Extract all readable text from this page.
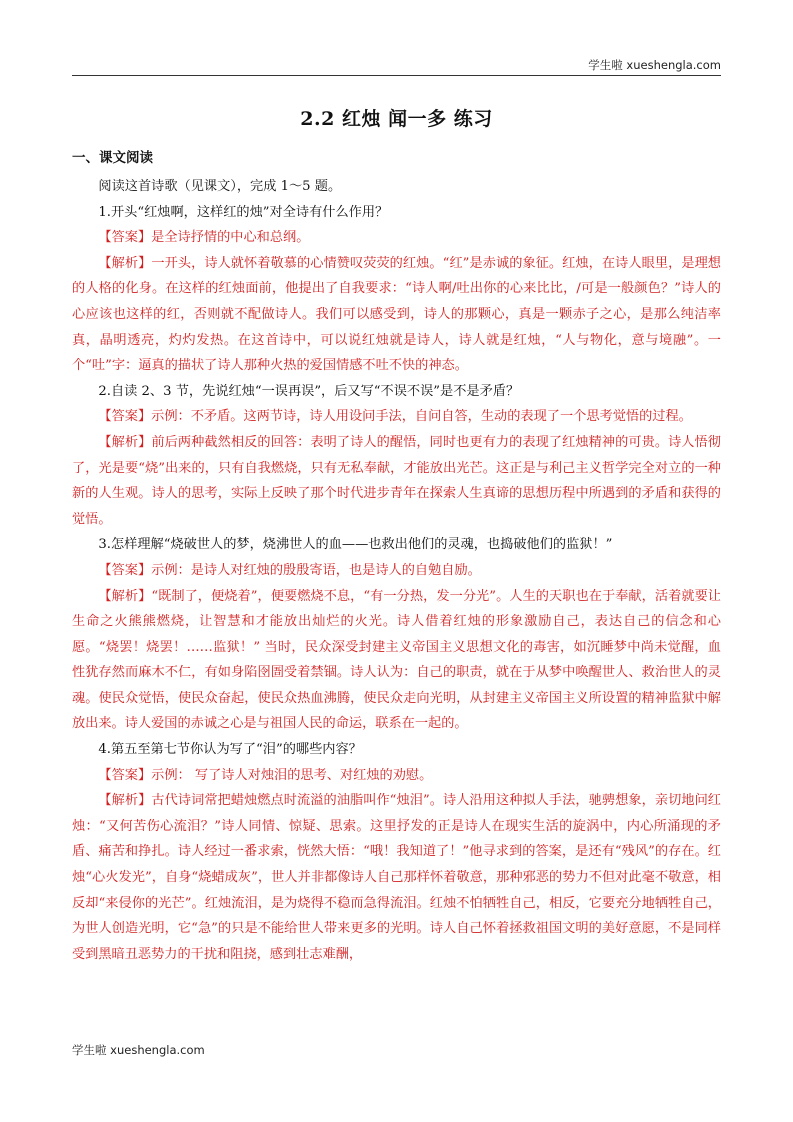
学生啦 xueshengla.com
2.2 红烛 闻一多 练习
一、课文阅读

阅读这首诗歌（见课文），完成 1～5 题。

1.开头“红烛啊，这样红的烛”对全诗有什么作用？

【答案】是全诗抒情的中心和总纲。

【解析】一开头，诗人就怀着敬慕的心情赞叹荧荧的红烛。“红”是赤诚的象征。红烛，在诗人眼里，是理想的人格的化身。在这样的红烛面前，他提出了自我要求：“诗人啊/吐出你的心来比比，/可是一般颜色？”诗人的心应该也这样的红，否则就不配做诗人。我们可以感受到，诗人的那颗心，真是一颗赤子之心，是那么纯洁率真，晶明透亮，灼灼发热。在这首诗中，可以说红烛就是诗人，诗人就是红烛，“人与物化，意与境融”。一个“吐”字：逼真的描状了诗人那种火热的爱国情感不吐不快的神态。

2.自读 2、3 节，先说红烛“一误再误”，后又写“不误不误”是不是矛盾？

【答案】示例：不矛盾。这两节诗，诗人用设问手法，自问自答，生动的表现了一个思考觉悟的过程。

【解析】前后两种截然相反的回答：表明了诗人的醒悟，同时也更有力的表现了红烛精神的可贵。诗人悟彻了，光是要“烧”出来的，只有自我燃烧，只有无私奉献，才能放出光芒。这正是与利己主义哲学完全对立的一种新的人生观。诗人的思考，实际上反映了那个时代进步青年在探索人生真谛的思想历程中所遇到的矛盾和获得的觉悟。

3.怎样理解“烧破世人的梦，烧沸世人的血——也救出他们的灵魂，也捣破他们的监狱！”

【答案】示例：是诗人对红烛的殷殷寄语，也是诗人的自勉自励。

【解析】“既制了，便烧着”，便要燃烧不息，“有一分热，发一分光”。人生的天职也在于奉献，活着就要让生命之火熊熊燃烧，让智慧和才能放出灿烂的火光。诗人借着红烛的形象激励自己，表达自己的信念和心愿。“烧罢！烧罢！……监狱！” 当时，民众深受封建主义帝国主义思想文化的毒害，如沉睡梦中尚未觉醒，血性犹存然而麻木不仁，有如身陷囹圄受着禁锢。诗人认为：自己的职责，就在于从梦中唤醒世人、救治世人的灵魂。使民众觉悟，使民众奋起，使民众热血沸腾，使民众走向光明，从封建主义帝国主义所设置的精神监狱中解放出来。诗人爱国的赤诚之心是与祖国人民的命运，联系在一起的。

4.第五至第七节你认为写了“泪”的哪些内容？

【答案】示例： 写了诗人对烛泪的思考、对红烛的劝慰。

【解析】古代诗词常把蜡烛燃点时流溢的油脂叫作“烛泪”。诗人沿用这种拟人手法，驰骋想象，亲切地问红烛：“又何苦伤心流泪？”诗人同情、惊疑、思索。这里抒发的正是诗人在现实生活的旋涡中，内心所涌现的矛盾、痛苦和挣扎。诗人经过一番求索，恍然大悟：“哦！我知道了！”他寻求到的答案，是还有“残风”的存在。红烛“心火发光”，自身“烧蜡成灰”，世人并非都像诗人自己那样怀着敬意，那种邪恶的势力不但对此毫不敬意，相反却“来侵你的光芒”。红烛流泪，是为烧得不稳而急得流泪。红烛不怕牺牲自己，相反，它要充分地牺牲自己，为世人创造光明，它“急”的只是不能给世人带来更多的光明。诗人自己怀着拯救祖国文明的美好意愿，不是同样受到黑暗丑恶势力的干扰和阻挠，感到壮志难酬，

学生啦 xueshengla.com
